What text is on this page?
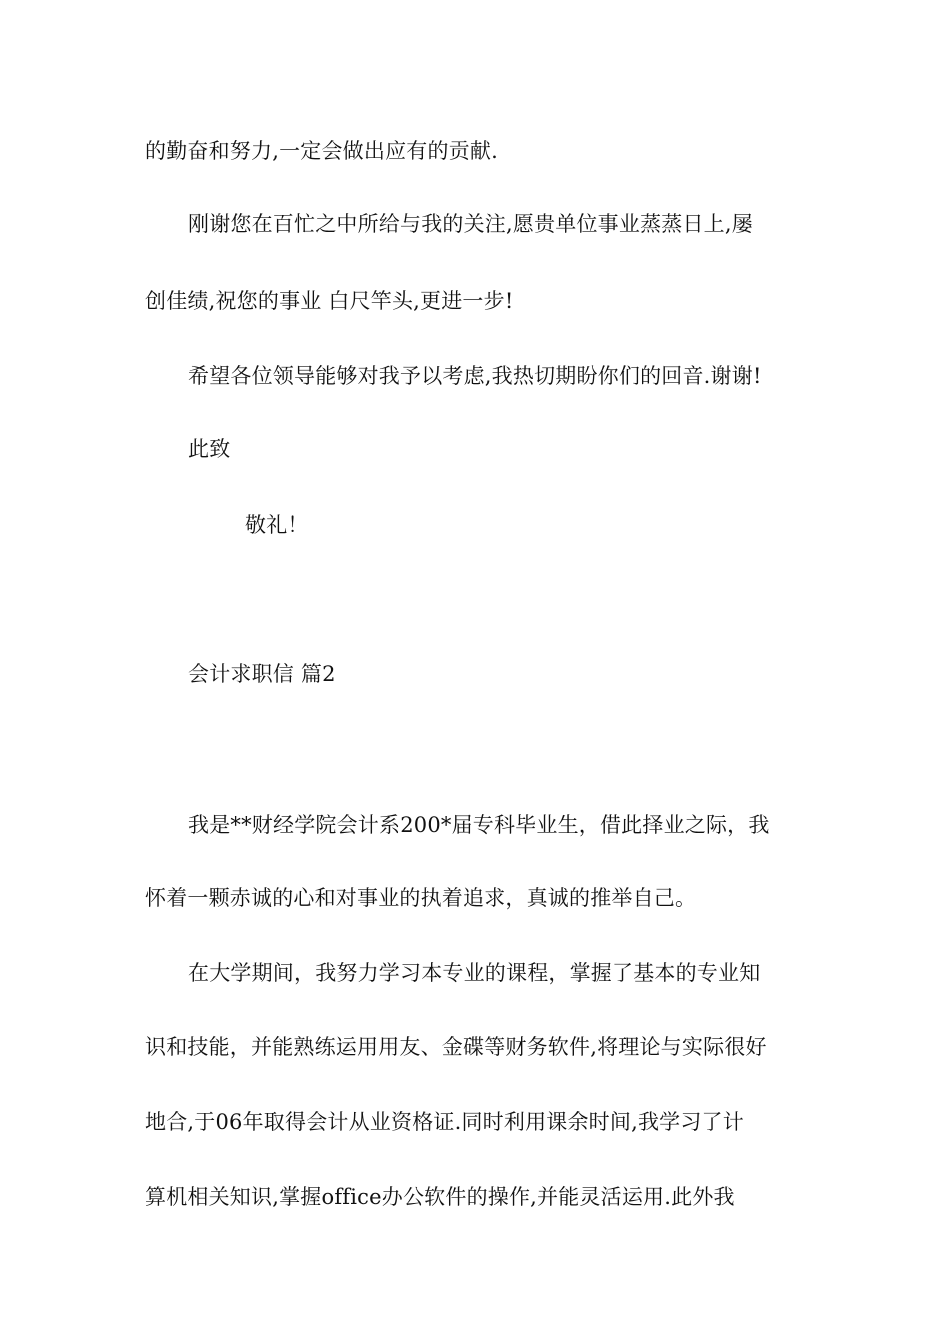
的勤奋和努力,一定会做出应有的贡献.
刚谢您在百忙之中所给与我的关注,愿贵单位事业蒸蒸日上,屡
创佳绩,祝您的事业 白尺竿头,更进一步!
希望各位领导能够对我予以考虑,我热切期盼你们的回音.谢谢!
此致
敬礼！
会计求职信 篇2
我是**财经学院会计系200*届专科毕业生，借此择业之际，我
怀着一颗赤诚的心和对事业的执着追求，真诚的推举自己。
在大学期间，我努力学习本专业的课程，掌握了基本的专业知
识和技能，并能熟练运用用友、金碟等财务软件,将理论与实际很好
地合,于06年取得会计从业资格证.同时利用课余时间,我学习了计
算机相关知识,掌握office办公软件的操作,并能灵活运用.此外我
